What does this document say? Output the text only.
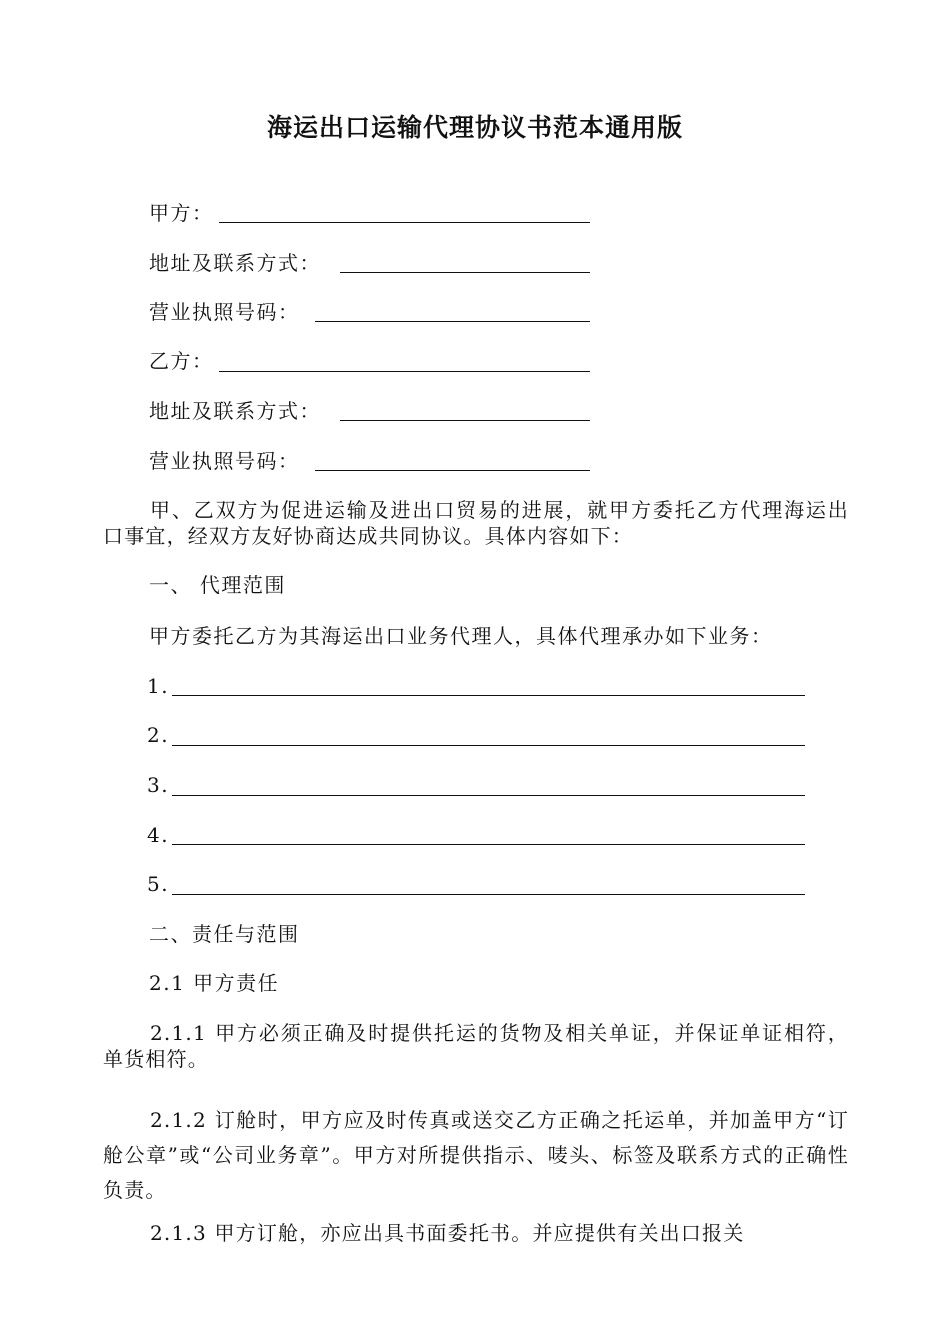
海运出口运输代理协议书范本通用版
甲方：
地址及联系方式：
营业执照号码：
乙方：
地址及联系方式：
营业执照号码：
甲、乙双方为促进运输及进出口贸易的进展，就甲方委托乙方代理海运出口事宜，经双方友好协商达成共同协议。具体内容如下：
一、 代理范围
甲方委托乙方为其海运出口业务代理人，具体代理承办如下业务：
1.
2.
3.
4.
5.
二、责任与范围
2.1 甲方责任
2.1.1 甲方必须正确及时提供托运的货物及相关单证，并保证单证相符，单货相符。
2.1.2 订舱时，甲方应及时传真或送交乙方正确之托运单，并加盖甲方“订舱公章”或“公司业务章”。甲方对所提供指示、唛头、标签及联系方式的正确性负责。
2.1.3 甲方订舱，亦应出具书面委托书。并应提供有关出口报关
